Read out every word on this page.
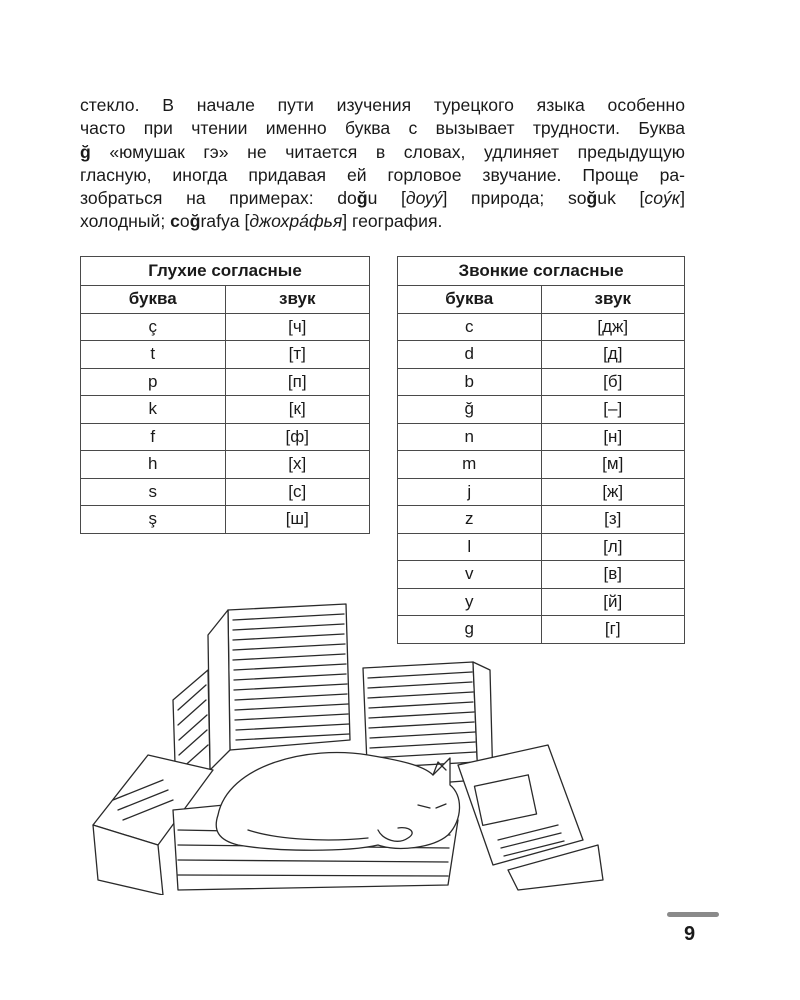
стекло. В начале пути изучения турецкого языка особенно
часто при чтении именно буква с вызывает трудности. Буква
ğ «юмушак гэ» не читается в словах, удлиняет предыдущую
гласную, иногда придавая ей горловое звучание. Проще ра-
зобраться на примерах: doğu [доуý] природа; soğuk [соýк]
холодный; coğrafya [джохрáфья] география.
Глухие согласные	
буква	звук
ç	[ч]
t	[т]
p	[п]
k	[к]
f	[ф]
h	[х]
s	[с]
ş	[ш]
Звонкие согласные	
буква	звук
c	[дж]
d	[д]
b	[б]
ğ	[–]
n	[н]
m	[м]
j	[ж]
z	[з]
l	[л]
v	[в]
y	[й]
g	[г]
9
